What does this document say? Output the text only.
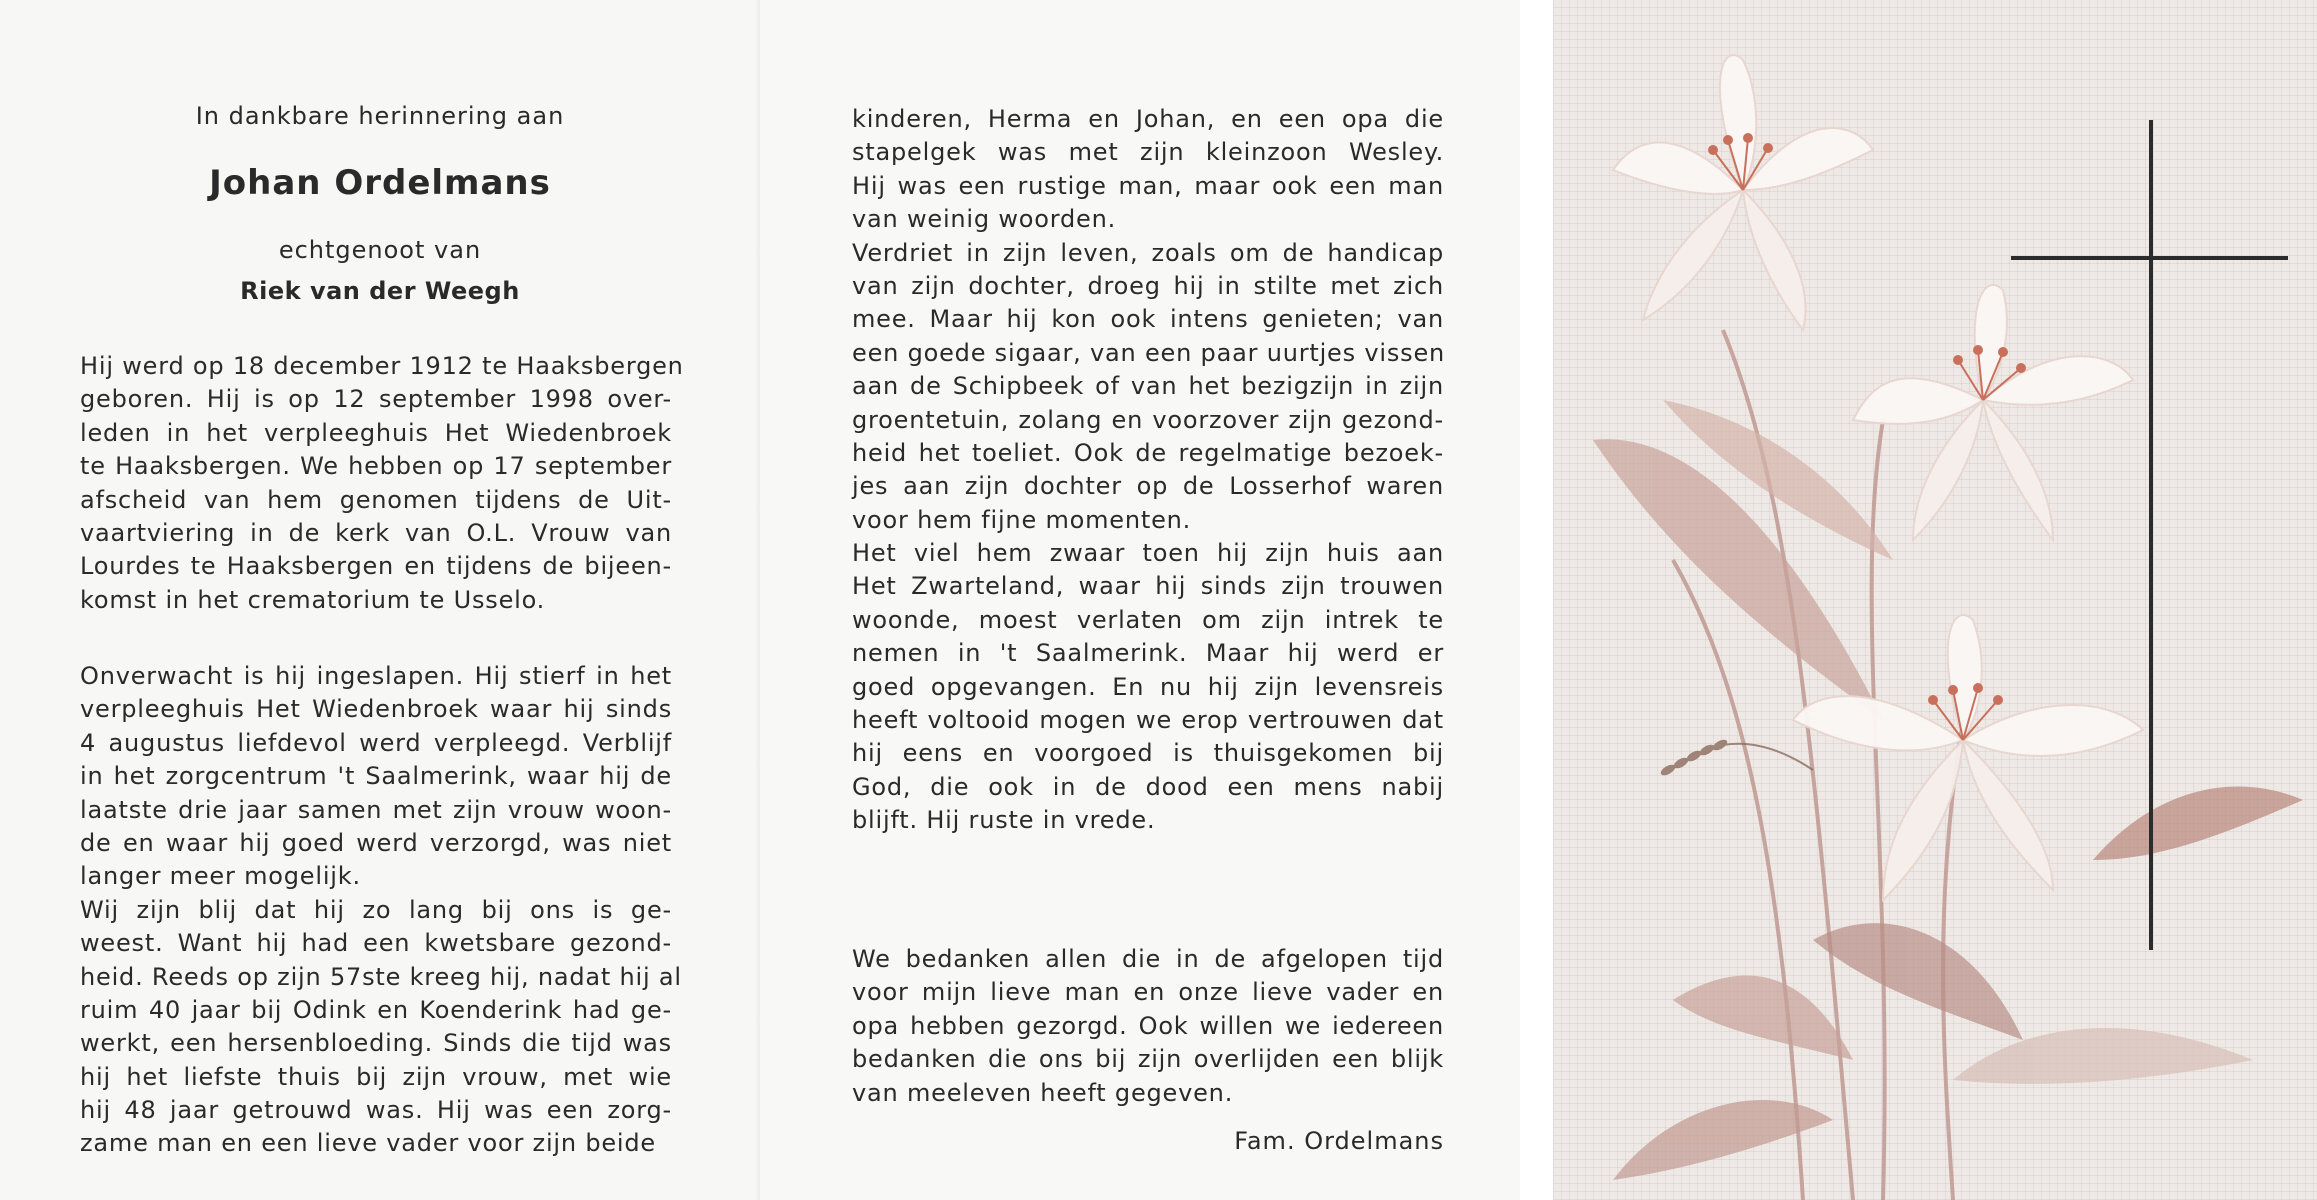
In dankbare herinnering aan
Johan Ordelmans
echtgenoot van
Riek van der Weegh
Hij werd op 18 december 1912 te Haaksbergen
geboren. Hij is op 12 september 1998 over-
leden in het verpleeghuis Het Wiedenbroek
te Haaksbergen. We hebben op 17 september
afscheid van hem genomen tijdens de Uit-
vaartviering in de kerk van O.L. Vrouw van
Lourdes te Haaksbergen en tijdens de bijeen-
komst in het crematorium te Usselo.
Onverwacht is hij ingeslapen. Hij stierf in het
verpleeghuis Het Wiedenbroek waar hij sinds
4 augustus liefdevol werd verpleegd. Verblijf
in het zorgcentrum 't Saalmerink, waar hij de
laatste drie jaar samen met zijn vrouw woon-
de en waar hij goed werd verzorgd, was niet
langer meer mogelijk.
Wij zijn blij dat hij zo lang bij ons is ge-
weest. Want hij had een kwetsbare gezond-
heid. Reeds op zijn 57ste kreeg hij, nadat hij al
ruim 40 jaar bij Odink en Koenderink had ge-
werkt, een hersenbloeding. Sinds die tijd was
hij het liefste thuis bij zijn vrouw, met wie
hij 48 jaar getrouwd was. Hij was een zorg-
zame man en een lieve vader voor zijn beide
kinderen, Herma en Johan, en een opa die
stapelgek was met zijn kleinzoon Wesley.
Hij was een rustige man, maar ook een man
van weinig woorden.
Verdriet in zijn leven, zoals om de handicap
van zijn dochter, droeg hij in stilte met zich
mee. Maar hij kon ook intens genieten; van
een goede sigaar, van een paar uurtjes vissen
aan de Schipbeek of van het bezigzijn in zijn
groentetuin, zolang en voorzover zijn gezond-
heid het toeliet. Ook de regelmatige bezoek-
jes aan zijn dochter op de Losserhof waren
voor hem fijne momenten.
Het viel hem zwaar toen hij zijn huis aan
Het Zwarteland, waar hij sinds zijn trouwen
woonde, moest verlaten om zijn intrek te
nemen in 't Saalmerink. Maar hij werd er
goed opgevangen. En nu hij zijn levensreis
heeft voltooid mogen we erop vertrouwen dat
hij eens en voorgoed is thuisgekomen bij
God, die ook in de dood een mens nabij
blijft. Hij ruste in vrede.
We bedanken allen die in de afgelopen tijd
voor mijn lieve man en onze lieve vader en
opa hebben gezorgd. Ook willen we iedereen
bedanken die ons bij zijn overlijden een blijk
van meeleven heeft gegeven.
Fam. Ordelmans
